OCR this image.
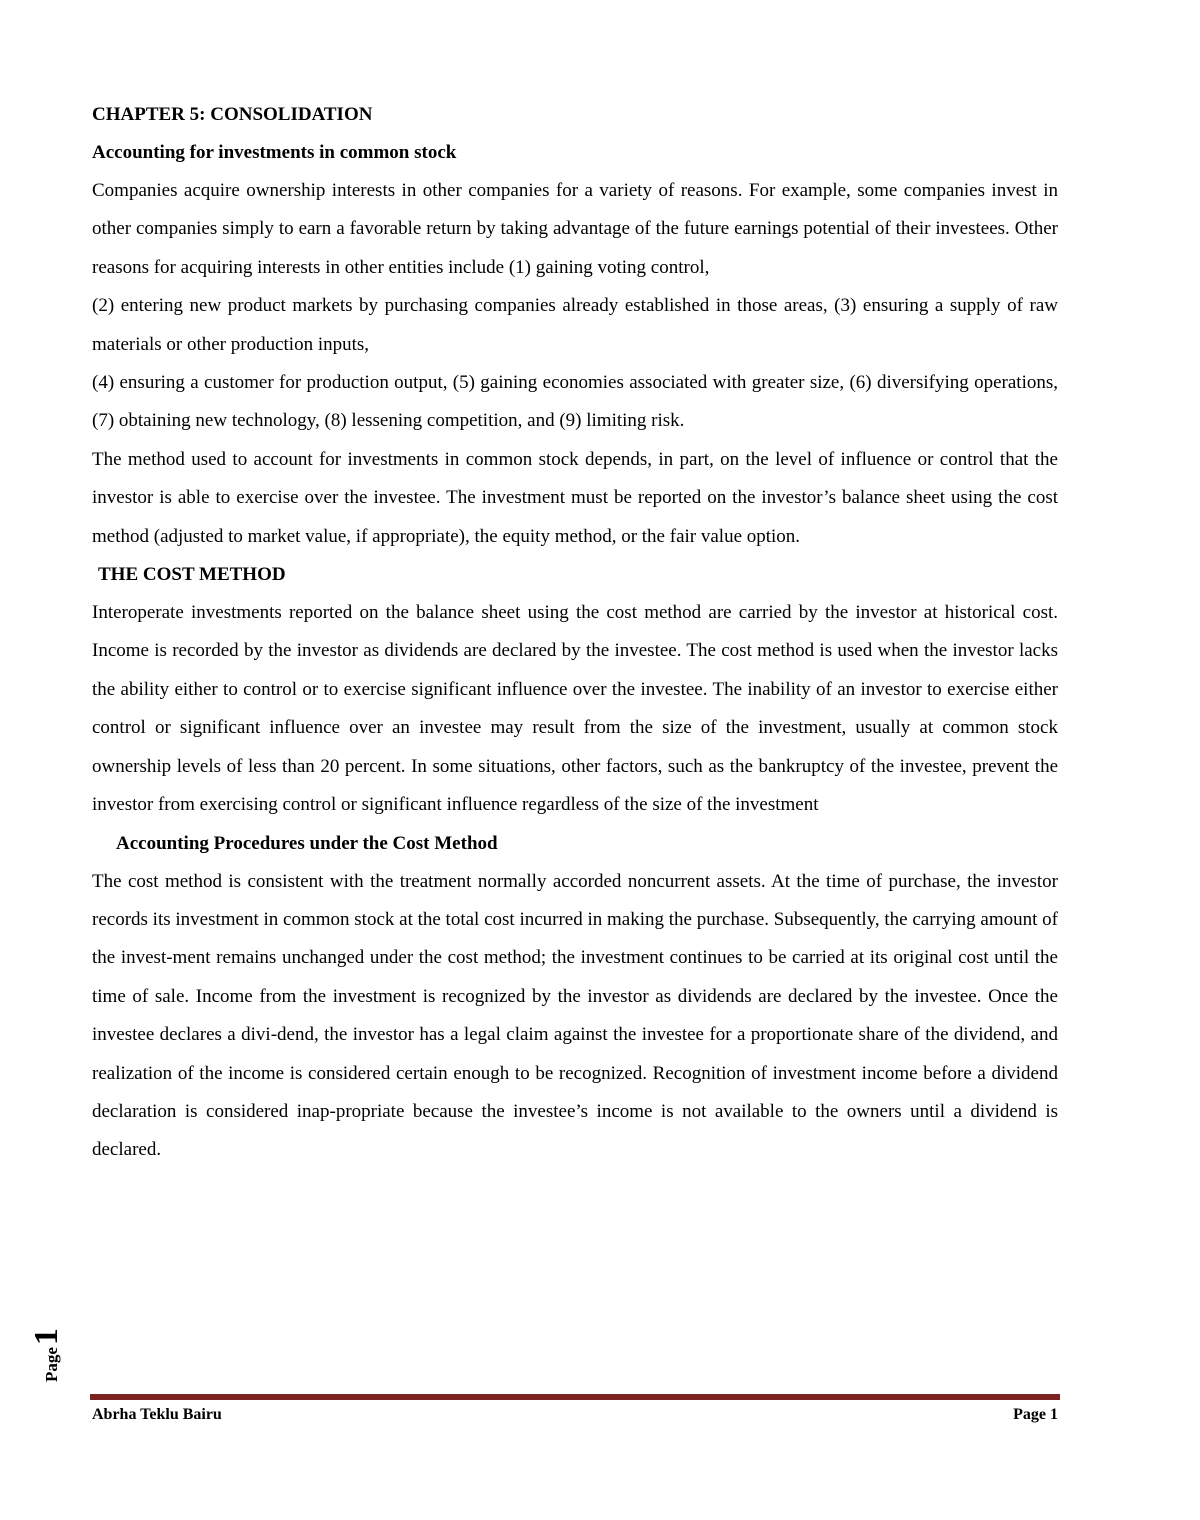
CHAPTER 5: CONSOLIDATION
Accounting for investments in common stock

Companies acquire ownership interests in other companies for a variety of reasons. For example, some companies invest in other companies simply to earn a favorable return by taking advantage of the future earnings potential of their investees. Other reasons for acquiring interests in other entities include (1) gaining voting control,

(2) entering new product markets by purchasing companies already established in those areas, (3) ensuring a supply of raw materials or other production inputs,

(4) ensuring a customer for production output, (5) gaining economies associated with greater size, (6) diversifying operations, (7) obtaining new technology, (8) lessening competition, and (9) limiting risk.

The method used to account for investments in common stock depends, in part, on the level of influence or control that the investor is able to exercise over the investee. The investment must be reported on the investor’s balance sheet using the cost method (adjusted to market value, if appropriate), the equity method, or the fair value option.

THE COST METHOD

Interoperate investments reported on the balance sheet using the cost method are carried by the investor at historical cost. Income is recorded by the investor as dividends are declared by the investee. The cost method is used when the investor lacks the ability either to control or to exercise significant influence over the investee. The inability of an investor to exercise either control or significant influence over an investee may result from the size of the investment, usually at common stock ownership levels of less than 20 percent. In some situations, other factors, such as the bankruptcy of the investee, prevent the investor from exercising control or significant influence regardless of the size of the investment

Accounting Procedures under the Cost Method

The cost method is consistent with the treatment normally accorded noncurrent assets. At the time of purchase, the investor records its investment in common stock at the total cost incurred in making the purchase. Subsequently, the carrying amount of the invest-ment remains unchanged under the cost method; the investment continues to be carried at its original cost until the time of sale. Income from the investment is recognized by the investor as dividends are declared by the investee. Once the investee declares a divi-dend, the investor has a legal claim against the investee for a proportionate share of the dividend, and realization of the income is considered certain enough to be recognized. Recognition of investment income before a dividend declaration is considered inap-propriate because the investee’s income is not available to the owners until a dividend is declared.

Page1
Abrha Teklu Bairu	Page 1
